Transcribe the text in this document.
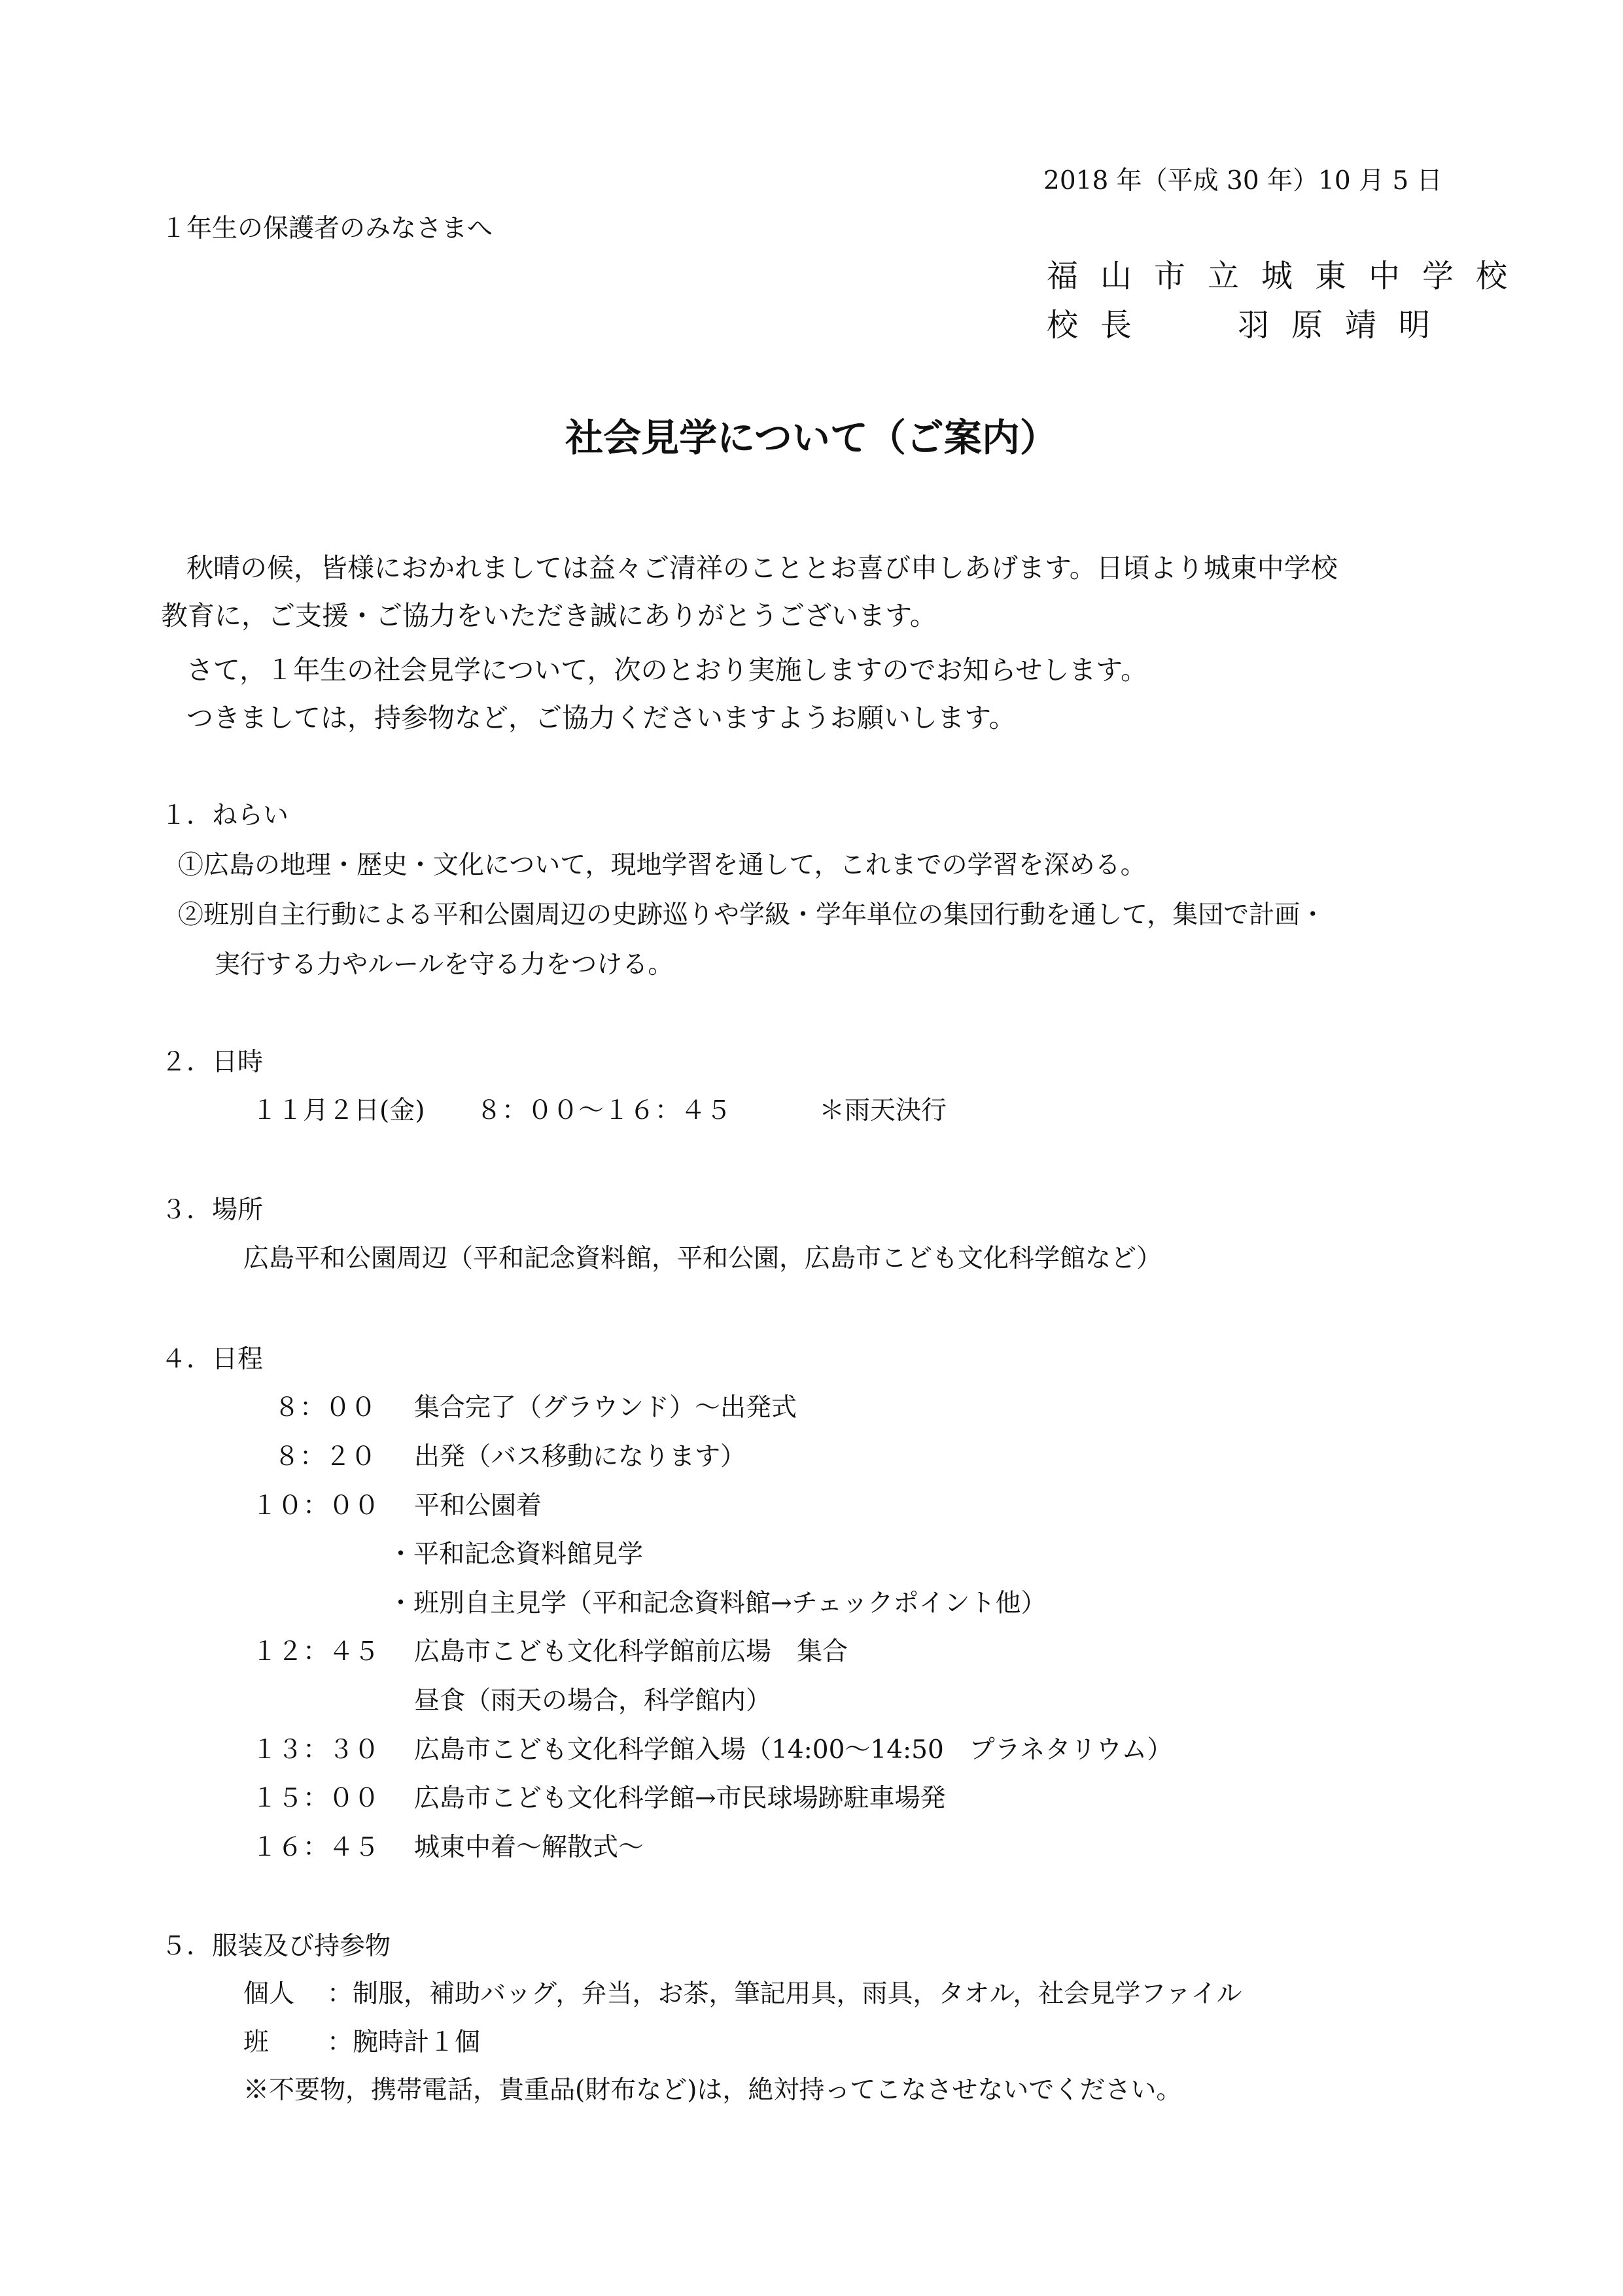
2018 年（平成 30 年）10 月 5 日
１年生の保護者のみなさまへ
福山市立城東中学校
校長	羽原靖明
社会見学について（ご案内）
秋晴の候，皆様におかれましては益々ご清祥のこととお喜び申しあげます。日頃より城東中学校
教育に，ご支援・ご協力をいただき誠にありがとうございます。
さて，１年生の社会見学について，次のとおり実施しますのでお知らせします。
つきましては，持参物など，ご協力くださいますようお願いします。
１．ねらい
①広島の地理・歴史・文化について，現地学習を通して，これまでの学習を深める。
②班別自主行動による平和公園周辺の史跡巡りや学級・学年単位の集団行動を通して，集団で計画・
実行する力やルールを守る力をつける。
２．日時
１１月２日(金) ８：００～１６：４５	＊雨天決行
３．場所
広島平和公園周辺（平和記念資料館，平和公園，広島市こども文化科学館など）
４．日程
８：００ 集合完了（グラウンド）～出発式
８：２０ 出発（バス移動になります）
１０：００ 平和公園着
・平和記念資料館見学
・班別自主見学（平和記念資料館→チェックポイント他）
１２：４５ 広島市こども文化科学館前広場　集合
昼食（雨天の場合，科学館内）
１３：３０ 広島市こども文化科学館入場（14:00～14:50　プラネタリウム）
１５：００ 広島市こども文化科学館→市民球場跡駐車場発
１６：４５ 城東中着～解散式～
５．服装及び持参物
個人 ：制服，補助バッグ，弁当，お茶，筆記用具，雨具，タオル，社会見学ファイル
班 ：腕時計１個
※不要物，携帯電話，貴重品(財布など)は，絶対持ってこなさせないでください。
